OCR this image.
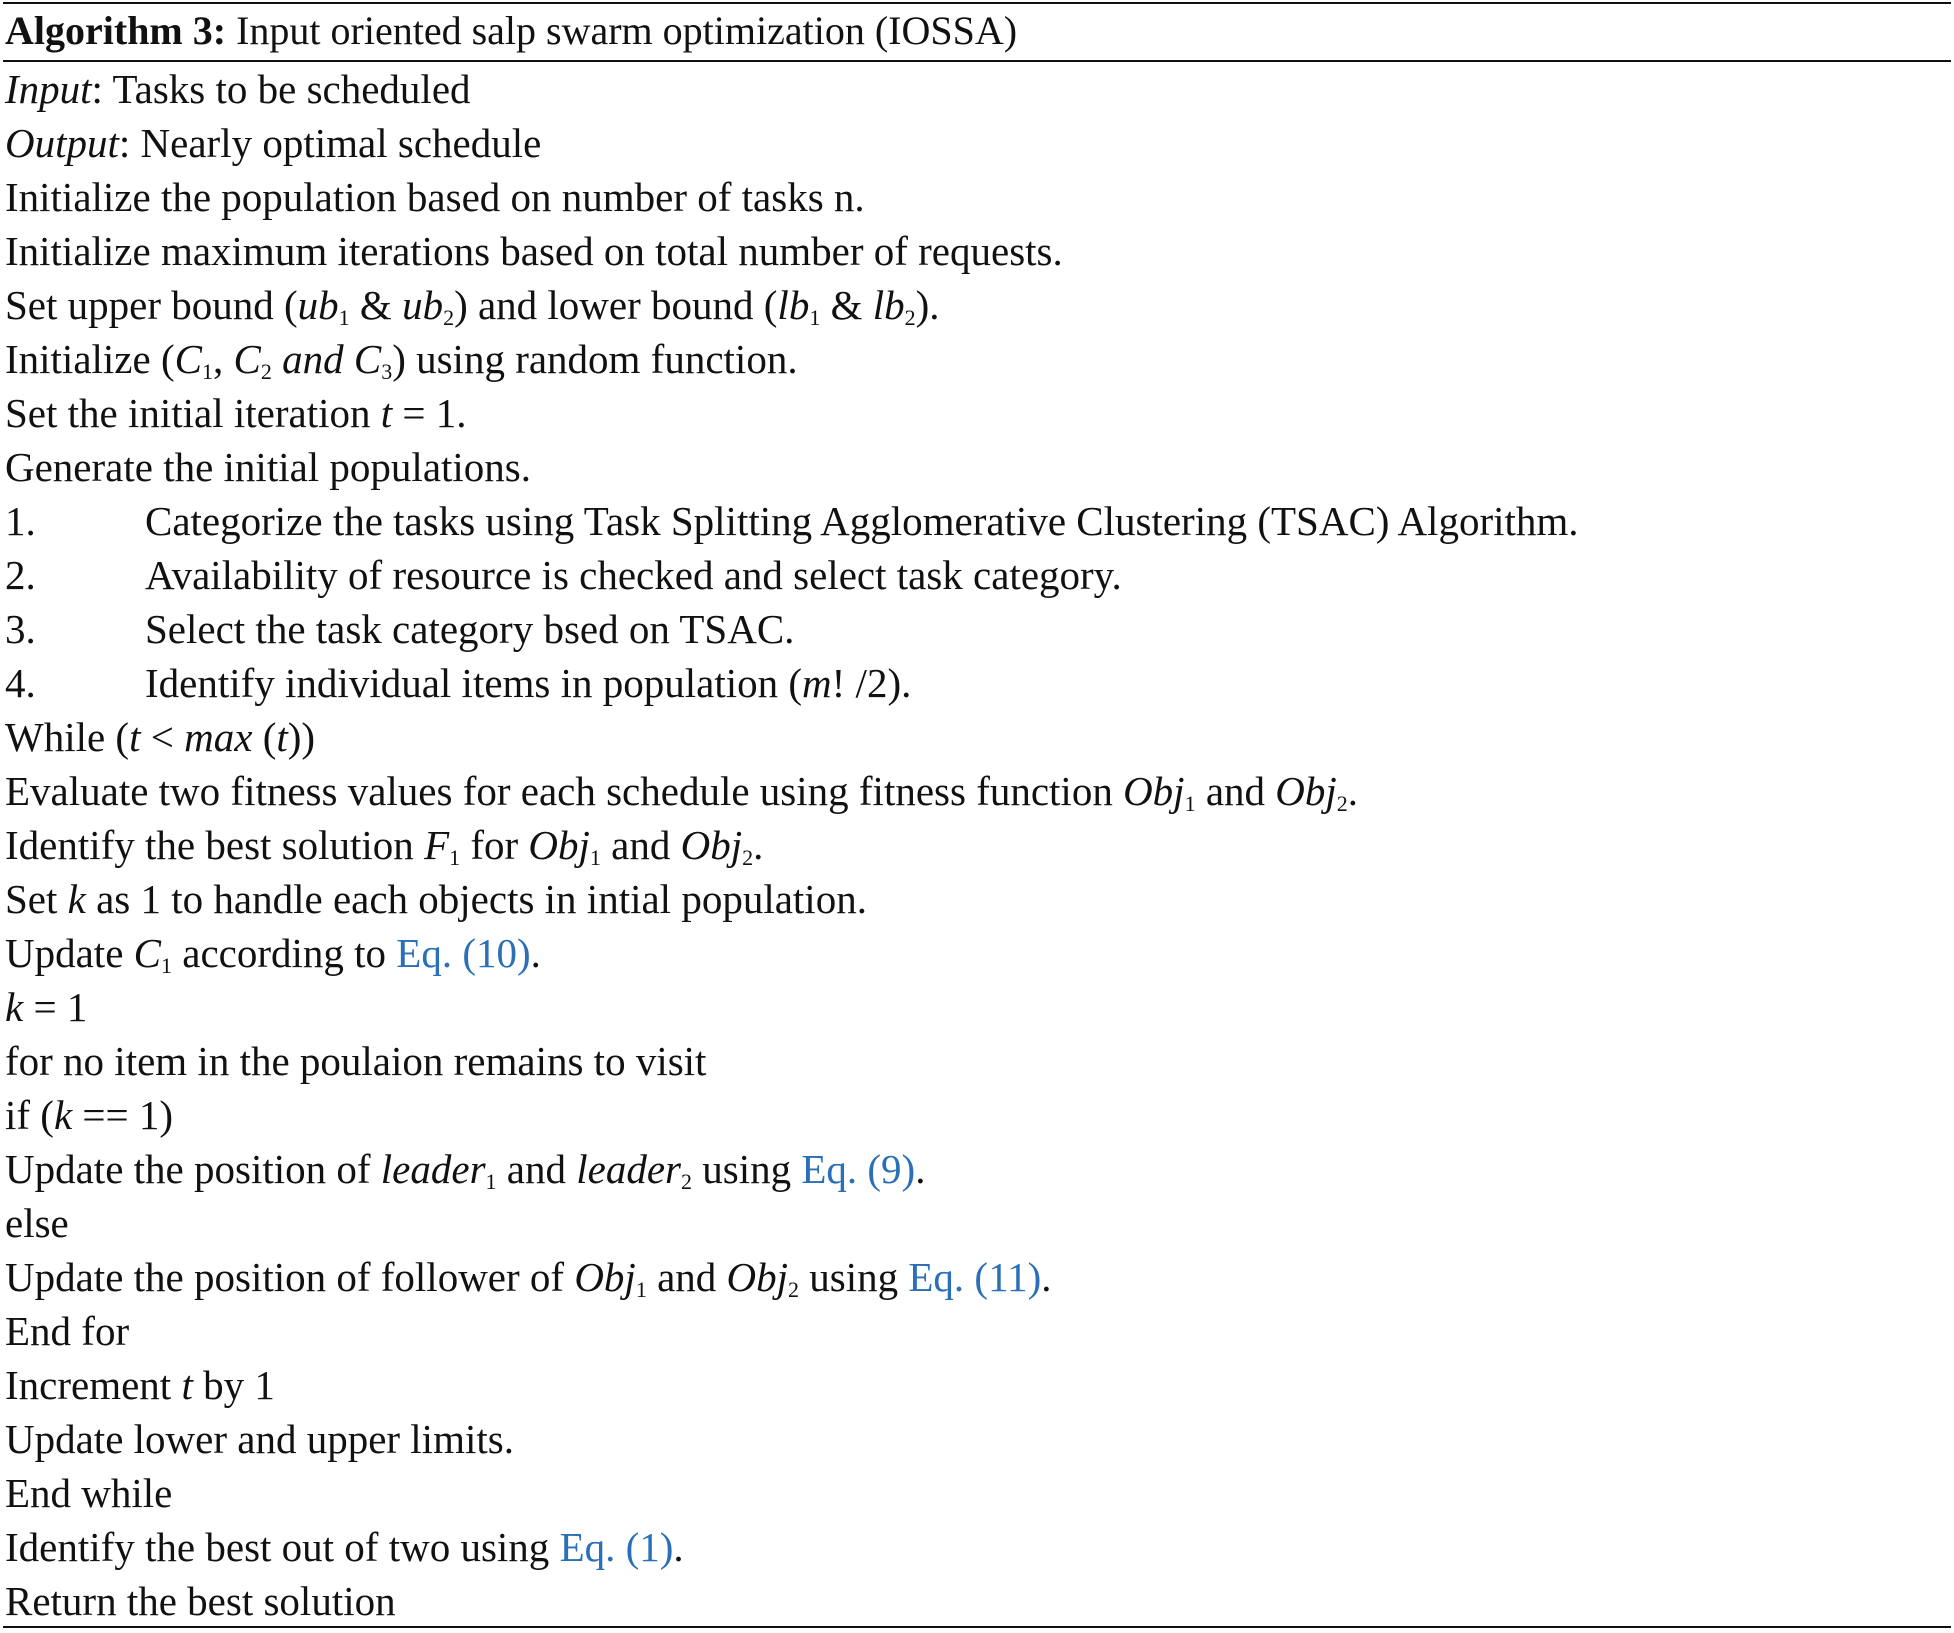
Algorithm 3: Input oriented salp swarm optimization (IOSSA)
Input: Tasks to be scheduled
Output: Nearly optimal schedule
Initialize the population based on number of tasks n.
Initialize maximum iterations based on total number of requests.
Set upper bound ($ub_1$ & $ub_2$) and lower bound ($lb_1$ & $lb_2$).
Initialize ($C_1$, $C_2$ and $C_3$) using random function.
Set the initial iteration t = 1.
Generate the initial populations.
1.	Categorize the tasks using Task Splitting Agglomerative Clustering (TSAC) Algorithm.
2.	Availability of resource is checked and select task category.
3.	Select the task category bsed on TSAC.
4.	Identify individual items in population (m! /2).
While (t < max (t))
Evaluate two fitness values for each schedule using fitness function Obj$_1$ and Obj$_2$.
Identify the best solution $F_1$ for Obj$_1$ and Obj$_2$.
Set k as 1 to handle each objects in intial population.
Update $C_1$ according to Eq. (10).
k = 1
for no item in the poulaion remains to visit
if (k == 1)
Update the position of leader$_1$ and leader$_2$ using Eq. (9).
else
Update the position of follower of Obj$_1$ and Obj$_2$ using Eq. (11).
End for
Increment t by 1
Update lower and upper limits.
End while
Identify the best out of two using Eq. (1).
Return the best solution
